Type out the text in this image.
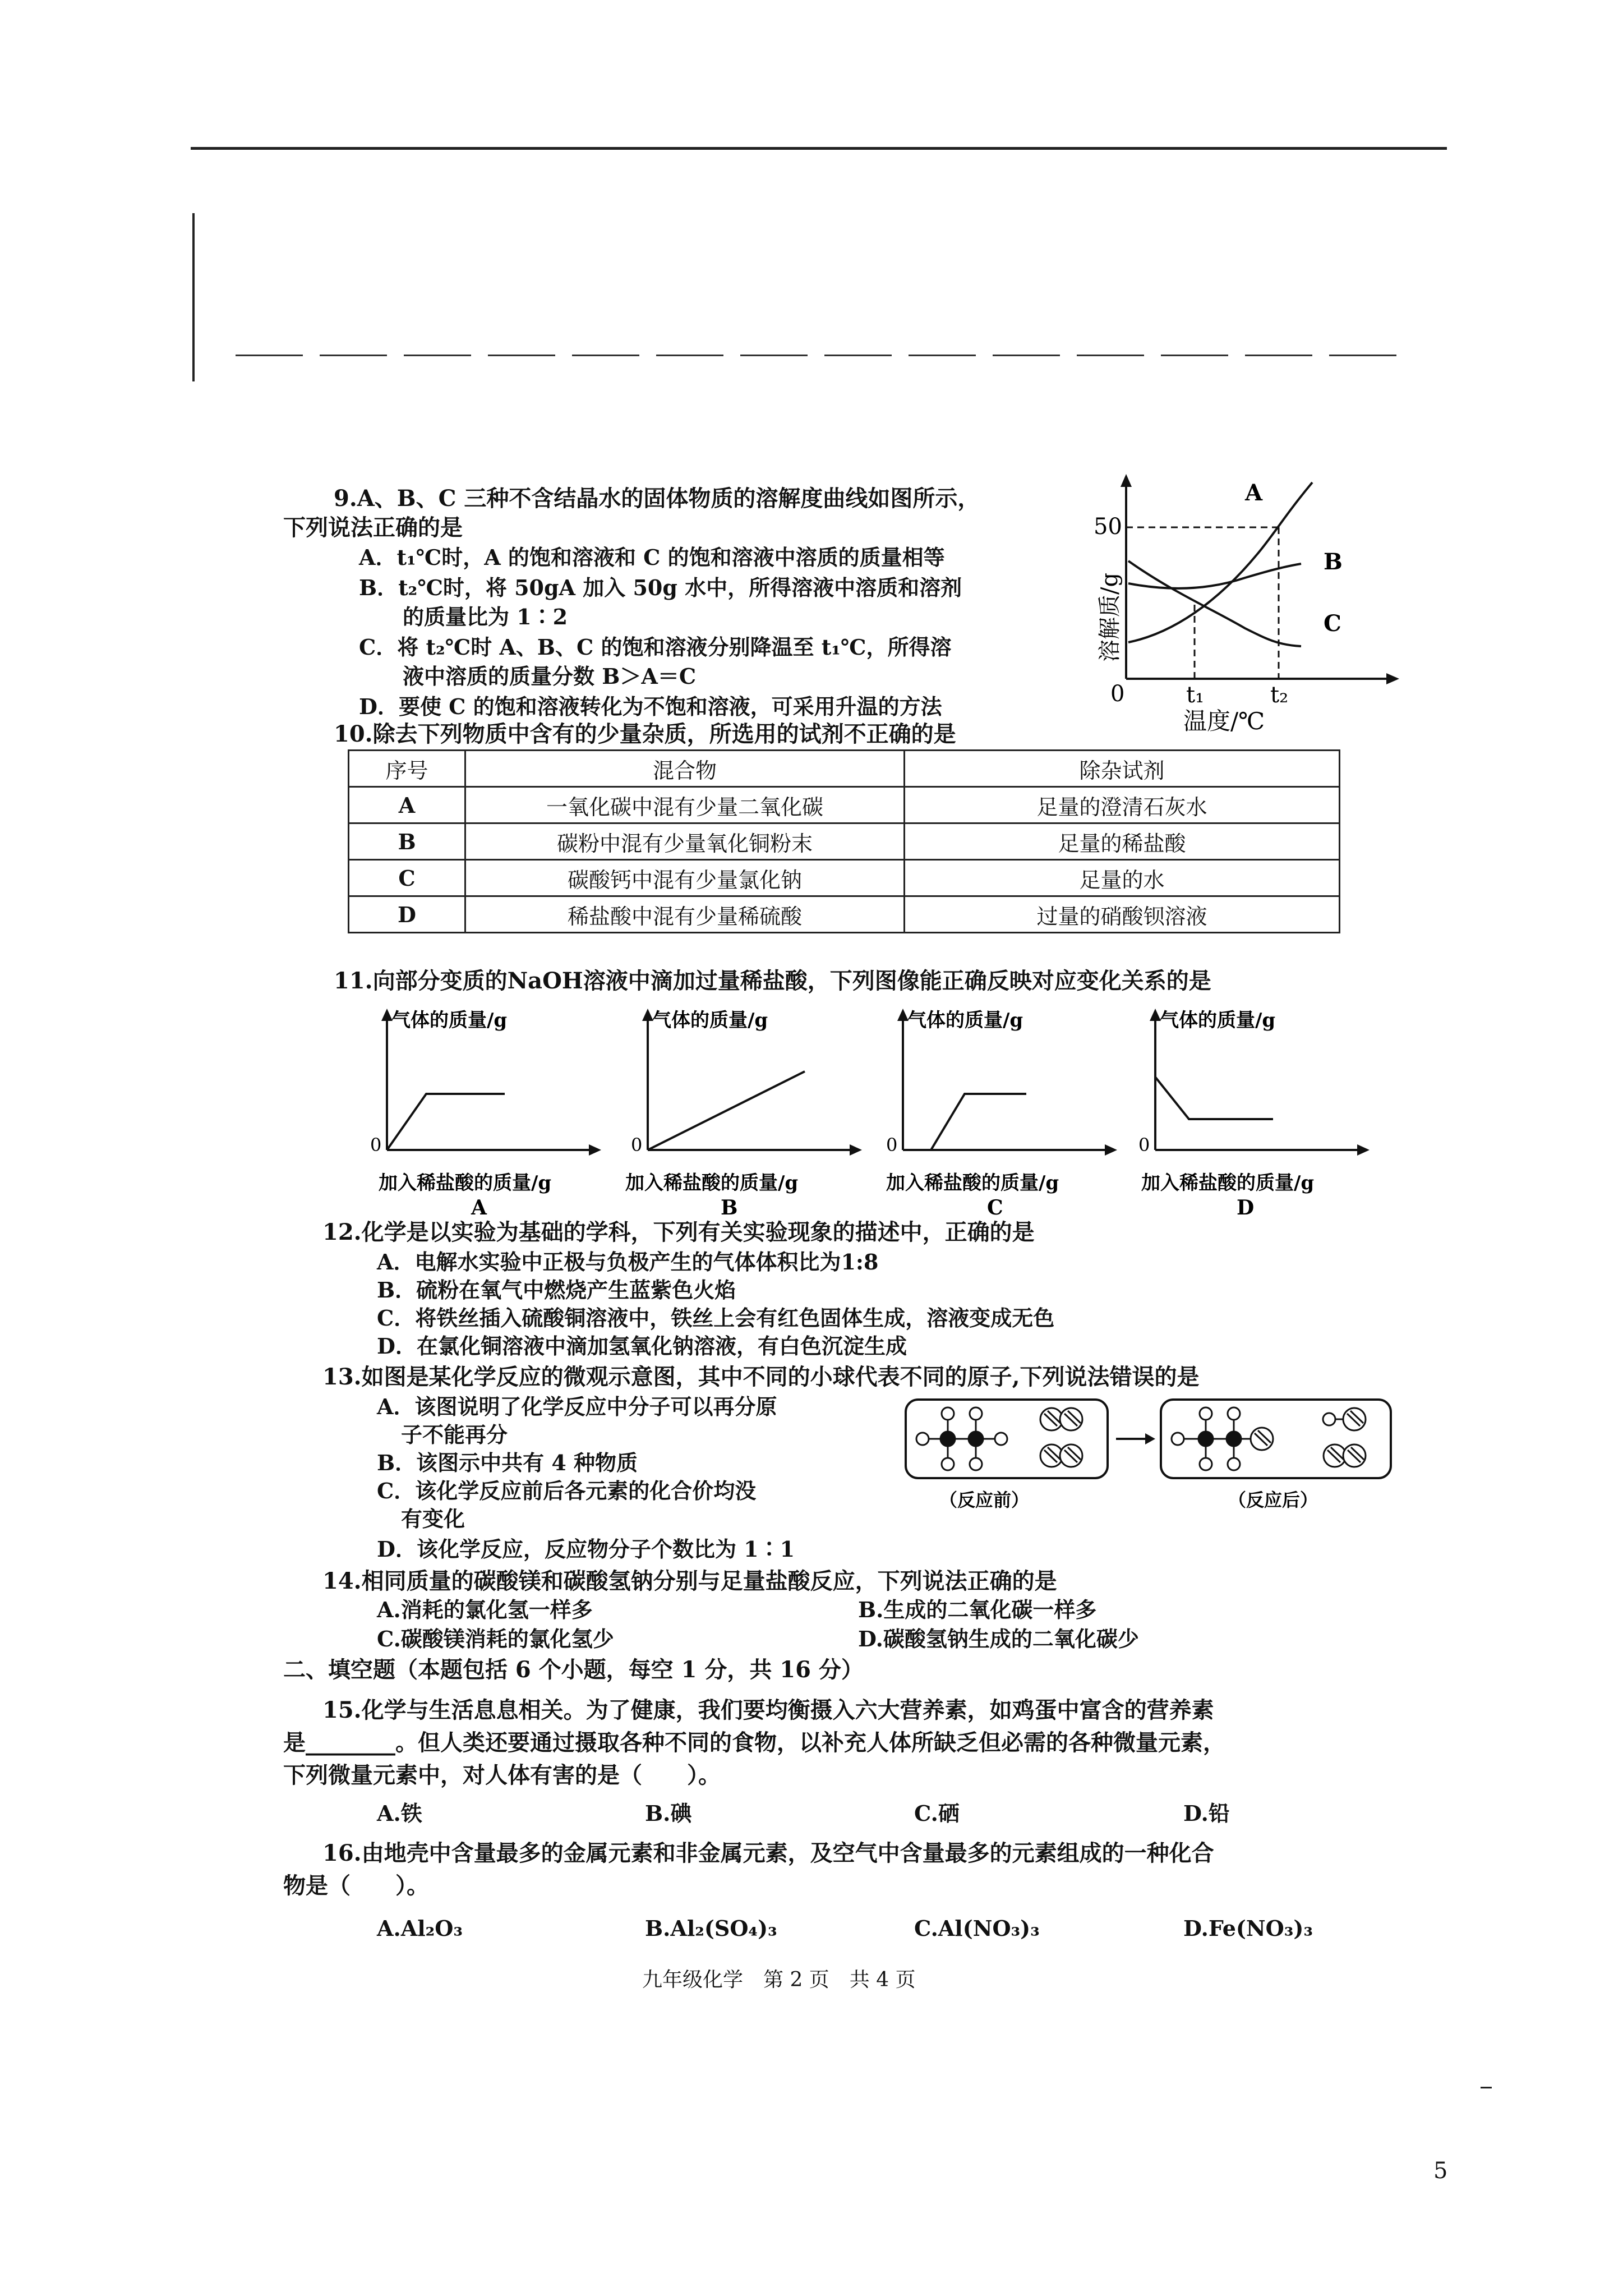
9.A、B、C 三种不含结晶水的固体物质的溶解度曲线如图所示，
下列说法正确的是
A．t₁℃时，A 的饱和溶液和 C 的饱和溶液中溶质的质量相等
B．t₂℃时，将 50gA 加入 50g 水中，所得溶液中溶质和溶剂
的质量比为 1∶2
C．将 t₂℃时 A、B、C 的饱和溶液分别降温至 t₁℃，所得溶
液中溶质的质量分数 B＞A＝C
D．要使 C 的饱和溶液转化为不饱和溶液，可采用升温的方法
50
0	t₁	t₂
A
B
C
温度/℃
溶解质/g
10.除去下列物质中含有的少量杂质，所选用的试剂不正确的是
序号	混合物	除杂试剂
A	一氧化碳中混有少量二氧化碳	足量的澄清石灰水
B	碳粉中混有少量氧化铜粉末	足量的稀盐酸
C	碳酸钙中混有少量氯化钠	足量的水
D	稀盐酸中混有少量稀硫酸	过量的硝酸钡溶液
11.向部分变质的NaOH溶液中滴加过量稀盐酸，下列图像能正确反映对应变化关系的是
气体的质量/g
0
加入稀盐酸的质量/g
A
气体的质量/g
0
加入稀盐酸的质量/g
B
气体的质量/g
0
加入稀盐酸的质量/g
C
气体的质量/g
0
加入稀盐酸的质量/g
D
12.化学是以实验为基础的学科，下列有关实验现象的描述中，正确的是
A．电解水实验中正极与负极产生的气体体积比为1:8
B．硫粉在氧气中燃烧产生蓝紫色火焰
C．将铁丝插入硫酸铜溶液中，铁丝上会有红色固体生成，溶液变成无色
D．在氯化铜溶液中滴加氢氧化钠溶液，有白色沉淀生成
13.如图是某化学反应的微观示意图，其中不同的小球代表不同的原子,下列说法错误的是
A．该图说明了化学反应中分子可以再分原
子不能再分
B．该图示中共有 4 种物质
C．该化学反应前后各元素的化合价均没
有变化
D．该化学反应，反应物分子个数比为 1∶1
（反应前）	（反应后）
14.相同质量的碳酸镁和碳酸氢钠分别与足量盐酸反应，下列说法正确的是
A.消耗的氯化氢一样多	B.生成的二氧化碳一样多
C.碳酸镁消耗的氯化氢少	D.碳酸氢钠生成的二氧化碳少
二、填空题（本题包括 6 个小题，每空 1 分，共 16 分）
15.化学与生活息息相关。为了健康，我们要均衡摄入六大营养素，如鸡蛋中富含的营养素
是________。但人类还要通过摄取各种不同的食物，以补充人体所缺乏但必需的各种微量元素，
下列微量元素中，对人体有害的是（　　）。
A.铁	B.碘	C.硒	D.铅
16.由地壳中含量最多的金属元素和非金属元素，及空气中含量最多的元素组成的一种化合
物是（　　）。
A.Al₂O₃	B.Al₂(SO₄)₃	C.Al(NO₃)₃	D.Fe(NO₃)₃
九年级化学　第 2 页　共 4 页
5
